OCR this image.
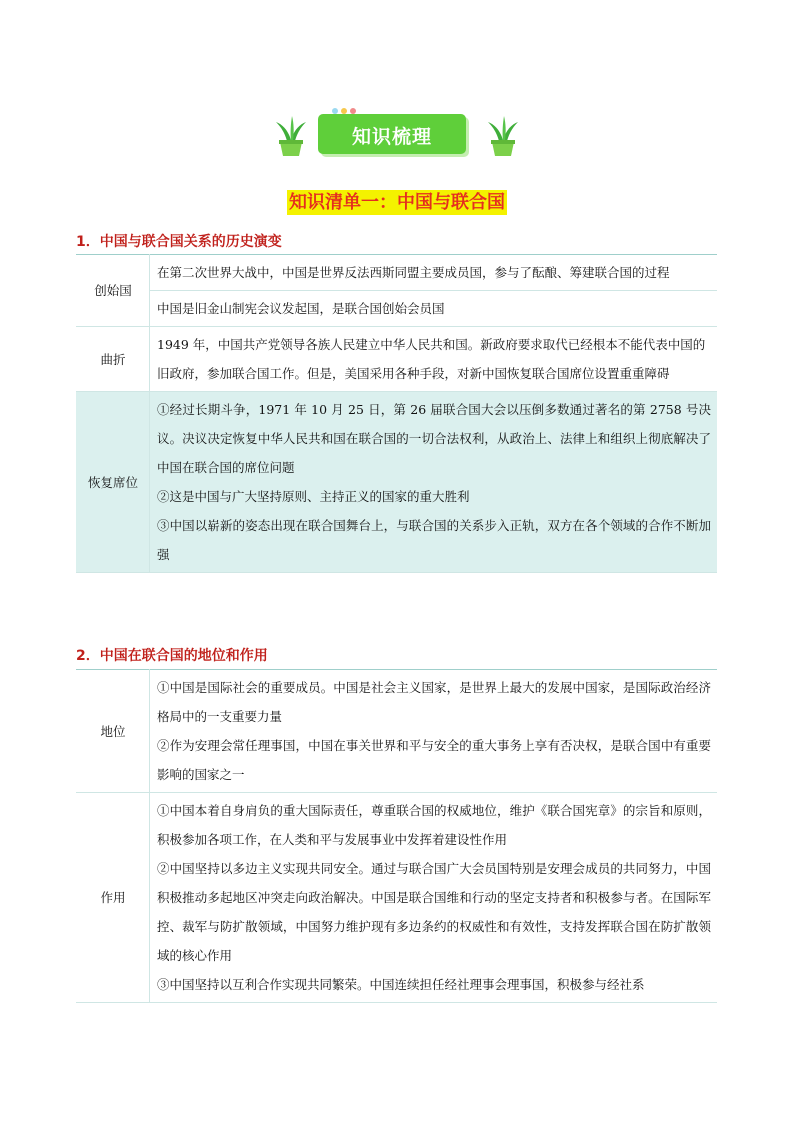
知识梳理
知识清单一：中国与联合国
1．中国与联合国关系的历史演变
创始国	在第二次世界大战中，中国是世界反法西斯同盟主要成员国，参与了酝酿、筹建联合国的过程
	中国是旧金山制宪会议发起国，是联合国创始会员国
曲折	1949 年，中国共产党领导各族人民建立中华人民共和国。新政府要求取代已经根本不能代表中国的旧政府，参加联合国工作。但是，美国采用各种手段，对新中国恢复联合国席位设置重重障碍
恢复席位	①经过长期斗争，1971 年 10 月 25 日，第 26 届联合国大会以压倒多数通过著名的第 2758 号决议。决议决定恢复中华人民共和国在联合国的一切合法权利，从政治上、法律上和组织上彻底解决了中国在联合国的席位问题
②这是中国与广大坚持原则、主持正义的国家的重大胜利
③中国以崭新的姿态出现在联合国舞台上，与联合国的关系步入正轨，双方在各个领域的合作不断加强
2．中国在联合国的地位和作用
地位	①中国是国际社会的重要成员。中国是社会主义国家，是世界上最大的发展中国家，是国际政治经济格局中的一支重要力量
②作为安理会常任理事国，中国在事关世界和平与安全的重大事务上享有否决权，是联合国中有重要影响的国家之一

作用	①中国本着自身肩负的重大国际责任，尊重联合国的权威地位，维护《联合国宪章》的宗旨和原则，积极参加各项工作，在人类和平与发展事业中发挥着建设性作用
②中国坚持以多边主义实现共同安全。通过与联合国广大会员国特别是安理会成员的共同努力，中国积极推动多起地区冲突走向政治解决。中国是联合国维和行动的坚定支持者和积极参与者。在国际军控、裁军与防扩散领域，中国努力维护现有多边条约的权威性和有效性，支持发挥联合国在防扩散领域的核心作用
③中国坚持以互利合作实现共同繁荣。中国连续担任经社理事会理事国，积极参与经社系
